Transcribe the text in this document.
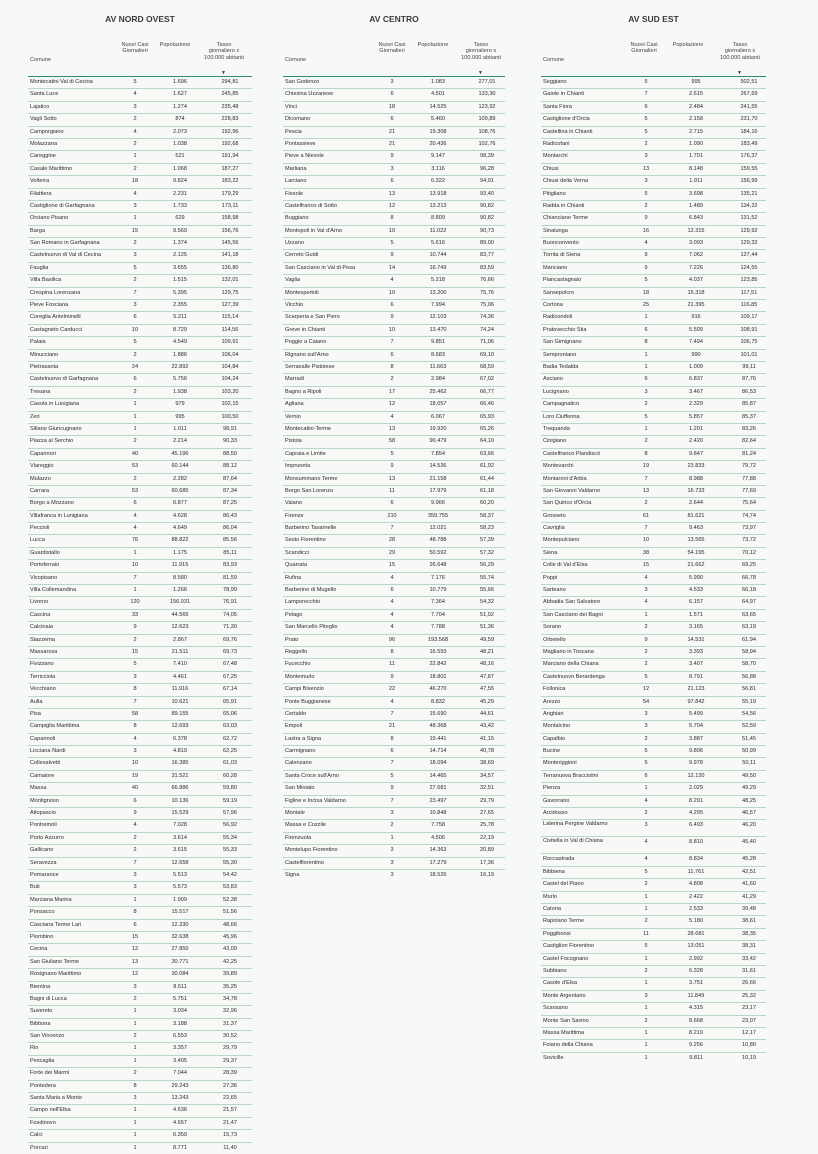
AV NORD OVEST
Comune
Nuovi Casi Giornalieri
Popolazione	Tasso giornaliero x 100.000 abitanti
▼
Montecatini Val di Cecina	5	1.696	294,81
Santa Luce	4	1.627	245,85
Lajatico	3	1.274	235,48
Vagli Sotto	2	874	228,83
Camporgiano	4	2.073	192,96
Molazzana	2	1.038	192,68
Careggine	1	521	191,94
Casale Marittimo	2	1.068	187,27
Volterra	18	9.824	183,22
Filattiera	4	2.231	179,29
Castiglione di Garfagnana	3	1.733	173,11
Orciano Pisano	1	629	158,98
Barga	15	9.569	156,76
San Romano in Garfagnana	2	1.374	145,56
Castelnuovo di Val di Cecina	3	2.125	141,18
Fauglia	5	3.655	136,80
Villa Basilica	2	1.515	132,01
Crespina Lorenzana	7	5.395	129,75
Pieve Fosciana	3	2.355	127,39
Coreglia Antelminelli	6	5.211	115,14
Castagneto Carducci	10	8.729	114,56
Palaia	5	4.549	109,91
Minucciano	2	1.886	106,04
Pietrasanta	24	22.892	104,84
Castelnuovo di Garfagnana	6	5.756	104,24
Tresana	2	1.938	103,20
Casola in Lunigiana	1	979	102,15
Zeri	1	995	100,50
Sillano Giuncugnano	1	1.011	98,91
Piazza al Serchio	2	2.214	90,33
Capannori	40	45.196	88,50
Viareggio	53	60.144	88,12
Mulazzo	2	2.282	87,64
Carrara	53	60.685	87,34
Borgo a Mozzano	6	6.877	87,25
Villafranca in Lunigiana	4	4.628	86,43
Peccioli	4	4.649	86,04
Lucca	76	88.822	85,56
Guardistallo	1	1.175	85,11
Portoferraio	10	11.915	83,93
Vicopisano	7	8.580	81,59
Villa Collemandina	1	1.266	78,99
Livorno	120	156.031	76,91
Cascina	33	44.565	74,05
Calcinaia	9	12.623	71,30
Stazzema	2	2.867	69,76
Massarosa	15	21.511	69,73
Fivizzano	5	7.410	67,48
Terricciola	3	4.461	67,25
Vecchiano	8	11.916	67,14
Aulla	7	10.621	65,91
Pisa	58	89.155	65,06
Campiglia Marittima	8	12.693	63,03
Capannoli	4	6.378	62,72
Licciana Nardi	3	4.819	62,25
Collesalvetti	10	16.385	61,03
Camaiore	19	31.521	60,28
Massa	40	66.886	59,80
Montignoso	6	10.136	59,19
Altopascio	9	15.529	57,96
Pontremoli	4	7.028	56,92
Porto Azzurro	2	3.614	55,34
Gallicano	2	3.615	55,33
Seravezza	7	12.658	55,30
Pomarance	3	5.513	54,42
Buti	3	5.573	53,83
Marciana Marina	1	1.909	52,38
Ponsacco	8	15.517	51,56
Casciana Terme Lari	6	12.330	48,66
Piombino	15	32.638	45,96
Cecina	12	27.850	43,09
San Giuliano Terme	13	30.771	42,25
Rosignano Marittimo	12	30.084	39,89
Bientina	3	8.511	35,25
Bagni di Lucca	2	5.751	34,78
Suvereto	1	3.034	32,96
Bibbona	1	3.188	31,37
San Vincenzo	2	6.553	30,52
Rio	1	3.357	29,79
Pescaglia	1	3.405	29,37
Forte dei Marmi	2	7.044	28,39
Pontedera	8	29.243	27,36
Santa Maria a Monte	3	13.243	22,65
Campo nell'Elba	1	4.636	21,57
Fosdinovo	1	4.657	21,47
Calci	1	6.359	15,73
Porcari	1	8.771	11,40
AV CENTRO
Comune
Nuovi Casi Giornalieri
Popolazione	Tasso giornaliero x 100.000 abitanti
▼
San Godenzo	3	1.083	277,01
Chiesina Uzzanese	6	4.501	133,30
Vinci	18	14.525	123,92
Dicomano	6	5.460	109,89
Pescia	21	19.308	108,76
Pontassieve	21	20.436	102,76
Pieve a Nievole	9	9.147	98,39
Marliana	3	3.116	96,28
Larciano	6	6.322	94,91
Fiesole	13	13.918	93,40
Castelfranco di Sotto	12	13.213	90,82
Buggiano	8	8.809	90,82
Montopoli in Val d'Arno	10	11.022	90,73
Uzzano	5	5.616	89,00
Cerreto Guidi	9	10.744	83,77
San Casciano in Val di Pesa	14	16.749	83,59
Vaglia	4	5.218	76,66
Montespertoli	10	13.200	75,76
Vicchio	6	7.994	75,06
Scarperia e San Piero	9	12.103	74,36
Greve in Chianti	10	13.470	74,24
Poggio a Caiano	7	9.851	71,06
Rignano sull'Arno	6	8.683	69,10
Serravalle Pistoiese	8	11.663	68,59
Marradi	2	2.984	67,02
Bagno a Ripoli	17	25.462	66,77
Agliana	12	18.057	66,46
Vernio	4	6.067	65,93
Montecatini-Terme	13	19.920	65,26
Pistoia	58	90.479	64,10
Capraia e Limite	5	7.854	63,66
Impruneta	9	14.536	61,92
Monsummano Terme	13	21.158	61,44
Borgo San Lorenzo	11	17.979	61,18
Vaiano	6	9.966	60,20
Firenze	210	359.755	58,37
Barberino Tavarnelle	7	12.021	58,23
Sesto Fiorentino	28	48.788	57,39
Scandicci	29	50.592	57,32
Quarrata	15	26.648	56,29
Rufina	4	7.176	55,74
Barberino di Mugello	6	10.779	55,66
Lamporecchio	4	7.364	54,32
Pelago	4	7.704	51,92
San Marcello Piteglio	4	7.788	51,36
Prato	96	193.568	49,59
Reggello	8	16.593	48,21
Fucecchio	11	22.842	48,16
Montemurlo	9	18.801	47,87
Campi Bisenzio	22	46.270	47,55
Ponte Buggianese	4	8.832	45,29
Certaldo	7	15.690	44,61
Empoli	21	48.368	43,42
Lastra a Signa	8	19.441	41,15
Carmignano	6	14.714	40,78
Calenzano	7	18.094	38,69
Santa Croce sull'Arno	5	14.465	34,57
San Miniato	9	27.681	32,51
Figline e Incisa Valdarno	7	23.497	29,79
Montale	3	10.848	27,65
Massa e Cozzile	2	7.758	25,78
Firenzuola	1	4.506	22,19
Montelupo Fiorentino	3	14.363	20,89
Castelfiorentino	3	17.279	17,36
Signa	3	18.526	16,19
AV SUD EST
Comune
Nuovi Casi Giornalieri
Popolazione	Tasso giornaliero x 100.000 abitanti
▼
Seggiano	5	995	502,51
Gaiole in Chianti	7	2.615	267,69
Santa Fiora	6	2.484	241,55
Castiglione d'Orcia	5	2.158	231,70
Castellina in Chianti	5	2.715	184,16
Radicofani	2	1.090	183,49
Montarchi	3	1.701	176,37
Chiusi	13	8.148	159,55
Chiusi della Verna	3	1.911	156,99
Pitigliano	5	3.698	135,21
Radda in Chianti	2	1.489	134,32
Chianciano Terme	9	6.843	131,52
Sinalunga	16	12.315	129,92
Buonconvento	4	3.093	129,32
Torrita di Siena	9	7.062	127,44
Manciano	9	7.226	124,55
Piancastagnaio	5	4.037	123,85
Sansepolcro	18	15.318	117,51
Cortona	25	21.395	116,85
Radicondoli	1	916	109,17
Pratovecchio Stia	6	5.509	108,91
San Gimignano	8	7.494	106,75
Semproniano	1	990	101,01
Badia Tedalda	1	1.009	99,11
Asciano	6	6.837	87,76
Lucignano	3	3.467	86,53
Campagnatico	2	2.329	85,87
Loro Ciuffenna	5	5.857	85,37
Trequanda	1	1.201	83,26
Cinigiano	2	2.420	82,64
Castelfranco Piandiscò	8	9.847	81,24
Montevarchi	19	23.833	79,72
Montaroni d'Arbia	7	8.988	77,88
San Giovanni Valdarno	13	16.733	77,69
San Quirico d'Orcia	2	2.644	75,64
Grosseto	61	81.621	74,74
Cavriglia	7	9.463	73,97
Montepulciano	10	13.565	73,72
Siena	38	54.195	70,12
Colle di Val d'Elsa	15	21.662	69,25
Poppi	4	5.990	66,78
Sarteano	3	4.533	66,18
Abbadia San Salvatore	4	6.157	64,97
San Casciano dei Bagni	1	1.571	63,65
Sorano	2	3.165	63,19
Orbetello	9	14.531	61,94
Magliano in Toscana	2	3.393	58,94
Marciano della Chiana	2	3.407	58,70
Castelnuovo Berardenga	5	8.791	56,88
Follonica	12	21.123	56,81
Arezzo	54	97.842	55,19
Anghiari	3	5.499	54,56
Montalcino	3	5.704	52,59
Capalbio	2	3.887	51,45
Bucine	5	9.806	50,99
Monteriggioni	5	9.978	50,11
Terranuova Bracciolini	6	12.120	49,50
Pienza	1	2.029	49,29
Gavorrano	4	8.291	48,25
Arcidosso	2	4.295	46,57
Laterina Pergine Valdarno	3	6.493	46,20
Civitella in Val di Chiana	4	8.810	45,40
Roccastrada	4	8.834	45,28
Bibbiena	5	11.761	42,51
Castel del Piano	2	4.808	41,60
Murlo	1	2.422	41,29
Catona	1	2.533	39,48
Rapolano Terme	2	5.180	38,61
Poggibonsi	11	28.681	38,35
Castiglion Fiorentino	5	13.051	38,31
Castel Focognano	1	2.992	33,42
Subbiano	2	6.328	31,61
Casole d'Elsa	1	3.751	26,66
Monte Argentario	3	11.849	25,32
Scansano	1	4.315	23,17
Monte San Savino	2	8.668	23,07
Massa Marittima	1	8.219	12,17
Foiano della Chiana	1	9.256	10,80
Sovicille	1	9.811	10,19
